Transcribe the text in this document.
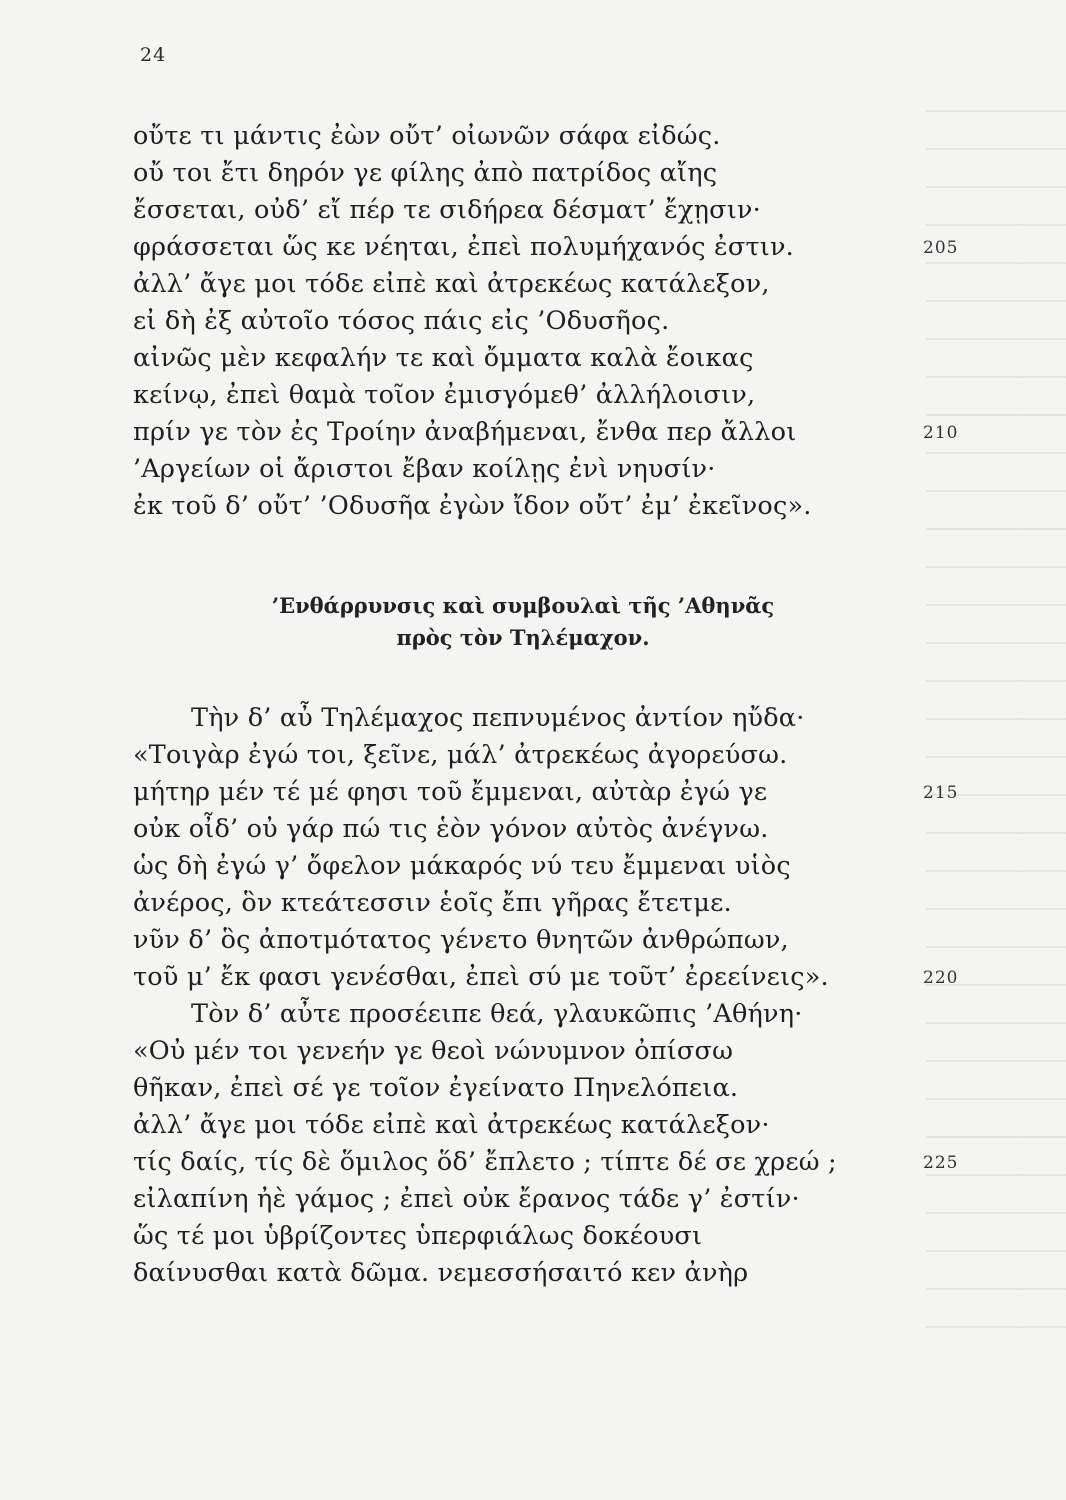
24
οὔτε τι μάντις ἐὼν οὔτ’ οἰωνῶν σάφα εἰδώς.
οὔ τοι ἔτι δηρόν γε φίλης ἀπὸ πατρίδος αἴης
ἔσσεται, οὐδ’ εἴ πέρ τε σιδήρεα δέσματ’ ἔχῃσιν·
φράσσεται ὥς κε νέηται, ἐπεὶ πολυμήχανός ἐστιν.	205
ἀλλ’ ἄγε μοι τόδε εἰπὲ καὶ ἀτρεκέως κατάλεξον,
εἰ δὴ ἐξ αὐτοῖο τόσος πάις εἰς ’Οδυσῆος.
αἰνῶς μὲν κεφαλήν τε καὶ ὄμματα καλὰ ἔοικας
κείνῳ, ἐπεὶ θαμὰ τοῖον ἐμισγόμεθ’ ἀλλήλοισιν,
πρίν γε τὸν ἐς Τροίην ἀναβήμεναι, ἔνθα περ ἄλλοι	210
’Αργείων οἱ ἄριστοι ἔβαν κοίλῃς ἐνὶ νηυσίν·
ἐκ τοῦ δ’ οὔτ’ ’Οδυσῆα ἐγὼν ἴδον οὔτ’ ἐμ’ ἐκεῖνος».
’Ενθάρρυνσις καὶ συμβουλαὶ τῆς ’Αθηνᾶς
πρὸς τὸν Τηλέμαχον.
Τὴν δ’ αὖ Τηλέμαχος πεπνυμένος ἀντίον ηὔδα·
«Τοιγὰρ ἐγώ τοι, ξεῖνε, μάλ’ ἀτρεκέως ἀγορεύσω.
μήτηρ μέν τέ μέ φησι τοῦ ἔμμεναι, αὐτὰρ ἐγώ γε	215
οὐκ οἶδ’ οὐ γάρ πώ τις ἑὸν γόνον αὐτὸς ἀνέγνω.
ὡς δὴ ἐγώ γ’ ὄφελον μάκαρός νύ τευ ἔμμεναι υἱὸς
ἀνέρος, ὃν κτεάτεσσιν ἑοῖς ἔπι γῆρας ἔτετμε.
νῦν δ’ ὃς ἀποτμότατος γένετο θνητῶν ἀνθρώπων,
τοῦ μ’ ἔκ φασι γενέσθαι, ἐπεὶ σύ με τοῦτ’ ἐρεείνεις».	220
Τὸν δ’ αὖτε προσέειπε θεά, γλαυκῶπις ’Αθήνη·
«Οὐ μέν τοι γενεήν γε θεοὶ νώνυμνον ὀπίσσω
θῆκαν, ἐπεὶ σέ γε τοῖον ἐγείνατο Πηνελόπεια.
ἀλλ’ ἄγε μοι τόδε εἰπὲ καὶ ἀτρεκέως κατάλεξον·
τίς δαίς, τίς δὲ ὅμιλος ὅδ’ ἔπλετο ; τίπτε δέ σε χρεώ ;	225
εἰλαπίνη ἠὲ γάμος ; ἐπεὶ οὐκ ἔρανος τάδε γ’ ἐστίν·
ὥς τέ μοι ὑβρίζοντες ὑπερφιάλως δοκέουσι
δαίνυσθαι κατὰ δῶμα. νεμεσσήσαιτό κεν ἀνὴρ
